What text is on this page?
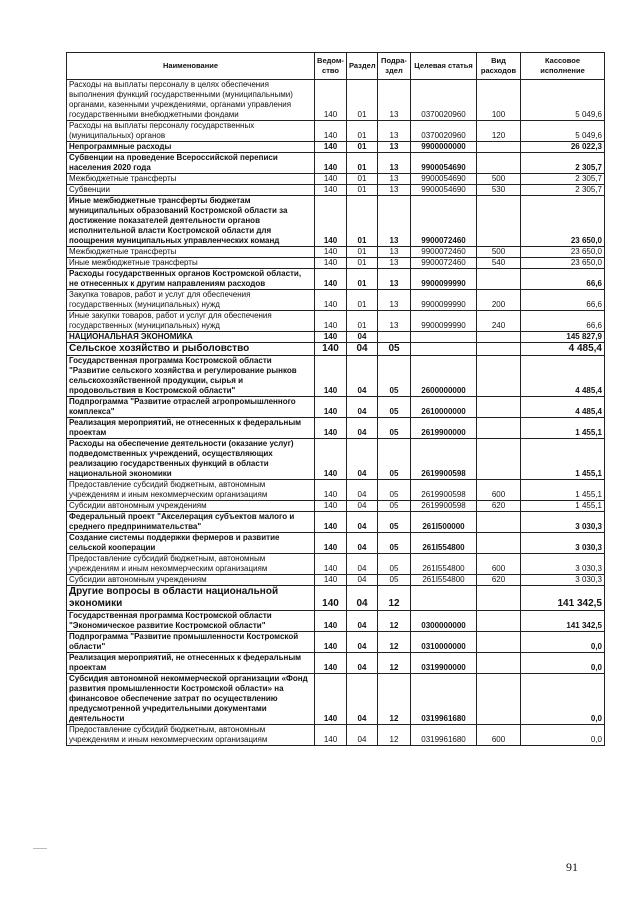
Наименование	Ведом-ство	Раздел	Подра-здел	Целевая статья	Вид расходов	Кассовое исполнение
Расходы на выплаты персоналу в целях обеспечения выполнения функций государственными (муниципальными) органами, казенными учреждениями, органами управления государственными внебюджетными фондами	140	01	13	0370020960	100	5 049,6
Расходы на выплаты персоналу государственных (муниципальных) органов	140	01	13	0370020960	120	5 049,6
Непрограммные расходы	140	01	13	9900000000		26 022,3
Субвенции на проведение Всероссийской переписи населения 2020 года	140	01	13	9900054690		2 305,7
Межбюджетные трансферты	140	01	13	9900054690	500	2 305,7
Субвенции	140	01	13	9900054690	530	2 305,7
Иные межбюджетные трансферты бюджетам муниципальных образований Костромской области за достижение показателей деятельности органов исполнительной власти Костромской области для поощрения муниципальных управленческих команд	140	01	13	9900072460		23 650,0
Межбюджетные трансферты	140	01	13	9900072460	500	23 650,0
Иные межбюджетные трансферты	140	01	13	9900072460	540	23 650,0
Расходы государственных органов Костромской области, не отнесенных к другим направлениям расходов	140	01	13	9900099990		66,6
Закупка товаров, работ и услуг для обеспечения государственных (муниципальных) нужд	140	01	13	9900099990	200	66,6
Иные закупки товаров, работ и услуг для обеспечения государственных (муниципальных) нужд	140	01	13	9900099990	240	66,6
НАЦИОНАЛЬНАЯ ЭКОНОМИКА	140	04				145 827,9
Сельское хозяйство и рыболовство	140	04	05			4 485,4
Государственная программа Костромской области "Развитие сельского хозяйства и регулирование рынков сельскохозяйственной продукции, сырья и продовольствия в Костромской области"	140	04	05	2600000000		4 485,4
Подпрограмма "Развитие отраслей агропромышленного комплекса"	140	04	05	2610000000		4 485,4
Реализация мероприятий, не отнесенных к федеральным проектам	140	04	05	2619900000		1 455,1
Расходы на обеспечение деятельности (оказание услуг) подведомственных учреждений, осуществляющих реализацию государственных функций в области национальной экономики	140	04	05	2619900598		1 455,1
Предоставление субсидий бюджетным, автономным учреждениям и иным некоммерческим организациям	140	04	05	2619900598	600	1 455,1
Субсидии автономным учреждениям	140	04	05	2619900598	620	1 455,1
Федеральный проект "Акселерация субъектов малого и среднего предпринимательства"	140	04	05	261I500000		3 030,3
Создание системы поддержки фермеров и развитие сельской кооперации	140	04	05	261I554800		3 030,3
Предоставление субсидий бюджетным, автономным учреждениям и иным некоммерческим организациям	140	04	05	261I554800	600	3 030,3
Субсидии автономным учреждениям	140	04	05	261I554800	620	3 030,3
Другие вопросы в области национальной экономики	140	04	12			141 342,5
Государственная программа Костромской области "Экономическое развитие Костромской области"	140	04	12	0300000000		141 342,5
Подпрограмма "Развитие промышленности Костромской области"	140	04	12	0310000000		0,0
Реализация мероприятий, не отнесенных к федеральным проектам	140	04	12	0319900000		0,0
Субсидия автономной некоммерческой организации «Фонд развития промышленности Костромской области» на финансовое обеспечение затрат по осуществлению предусмотренной учредительными документами деятельности	140	04	12	0319961680		0,0
Предоставление субсидий бюджетным, автономным учреждениям и иным некоммерческим организациям	140	04	12	0319961680	600	0,0
91
